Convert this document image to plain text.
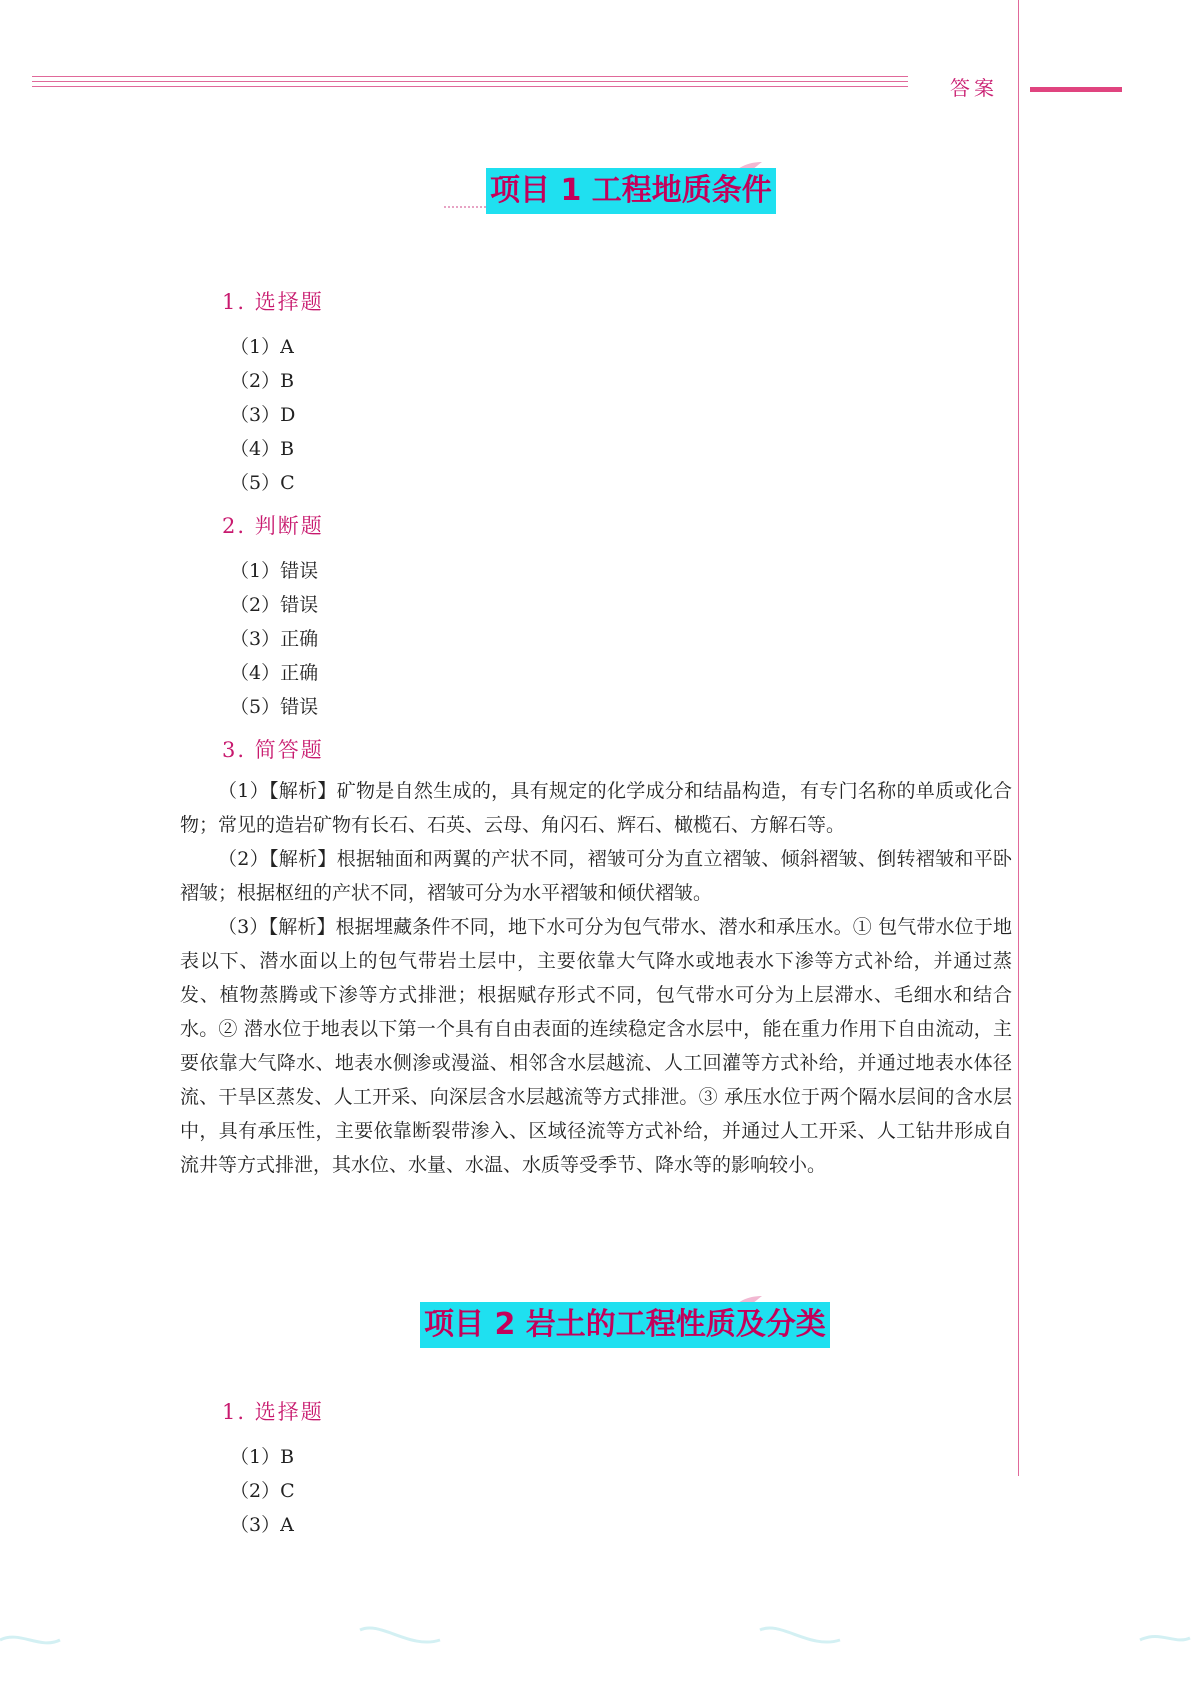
答案
项目 1 工程地质条件
1. 选择题
（1）A
（2）B
（3）D
（4）B
（5）C
2. 判断题
（1）错误
（2）错误
（3）正确
（4）正确
（5）错误
3. 简答题
（1）【解析】矿物是自然生成的，具有规定的化学成分和结晶构造，有专门名称的单质或化合物；常见的造岩矿物有长石、石英、云母、角闪石、辉石、橄榄石、方解石等。
（2）【解析】根据轴面和两翼的产状不同，褶皱可分为直立褶皱、倾斜褶皱、倒转褶皱和平卧褶皱；根据枢纽的产状不同，褶皱可分为水平褶皱和倾伏褶皱。
（3）【解析】根据埋藏条件不同，地下水可分为包气带水、潜水和承压水。① 包气带水位于地表以下、潜水面以上的包气带岩土层中，主要依靠大气降水或地表水下渗等方式补给，并通过蒸发、植物蒸腾或下渗等方式排泄；根据赋存形式不同，包气带水可分为上层滞水、毛细水和结合水。② 潜水位于地表以下第一个具有自由表面的连续稳定含水层中，能在重力作用下自由流动，主要依靠大气降水、地表水侧渗或漫溢、相邻含水层越流、人工回灌等方式补给，并通过地表水体径流、干旱区蒸发、人工开采、向深层含水层越流等方式排泄。③ 承压水位于两个隔水层间的含水层中，具有承压性，主要依靠断裂带渗入、区域径流等方式补给，并通过人工开采、人工钻井形成自流井等方式排泄，其水位、水量、水温、水质等受季节、降水等的影响较小。
项目 2 岩土的工程性质及分类
1. 选择题
（1）B
（2）C
（3）A
